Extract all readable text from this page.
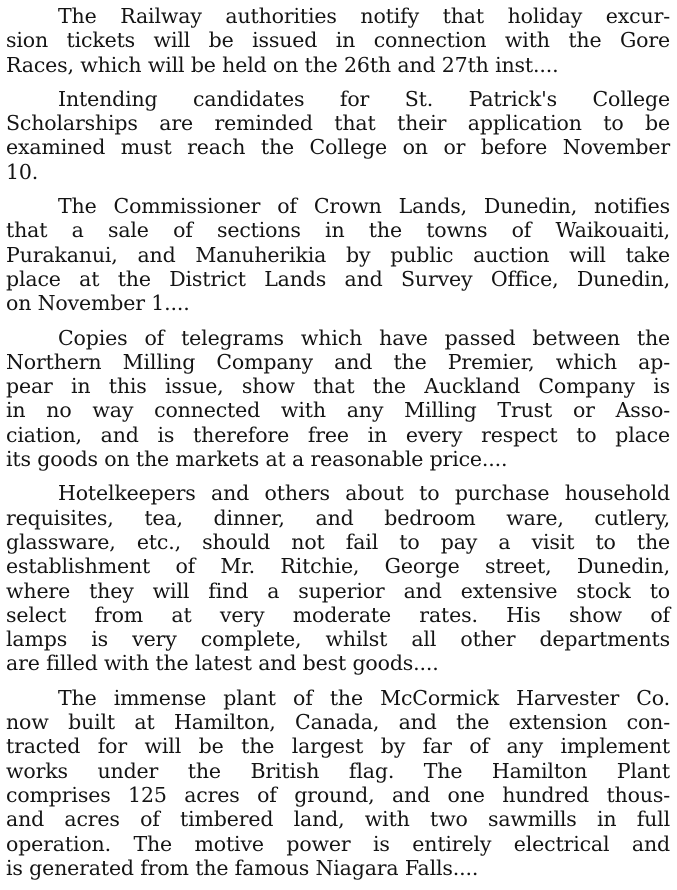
The Railway authorities notify that holiday excur-
sion tickets will be issued in connection with the Gore
Races, which will be held on the 26th and 27th inst....
Intending candidates for St. Patrick's College
Scholarships are reminded that their application to be
examined must reach the College on or before November
10.
The Commissioner of Crown Lands, Dunedin, notifies
that a sale of sections in the towns of Waikouaiti,
Purakanui, and Manuherikia by public auction will take
place at the District Lands and Survey Office, Dunedin,
on November 1....
Copies of telegrams which have passed between the
Northern Milling Company and the Premier, which ap-
pear in this issue, show that the Auckland Company is
in no way connected with any Milling Trust or Asso-
ciation, and is therefore free in every respect to place
its goods on the markets at a reasonable price....
Hotelkeepers and others about to purchase household
requisites, tea, dinner, and bedroom ware, cutlery,
glassware, etc., should not fail to pay a visit to the
establishment of Mr. Ritchie, George street, Dunedin,
where they will find a superior and extensive stock to
select from at very moderate rates. His show of
lamps is very complete, whilst all other departments
are filled with the latest and best goods....
The immense plant of the McCormick Harvester Co.
now built at Hamilton, Canada, and the extension con-
tracted for will be the largest by far of any implement
works under the British flag. The Hamilton Plant
comprises 125 acres of ground, and one hundred thous-
and acres of timbered land, with two sawmills in full
operation. The motive power is entirely electrical and
is generated from the famous Niagara Falls....
